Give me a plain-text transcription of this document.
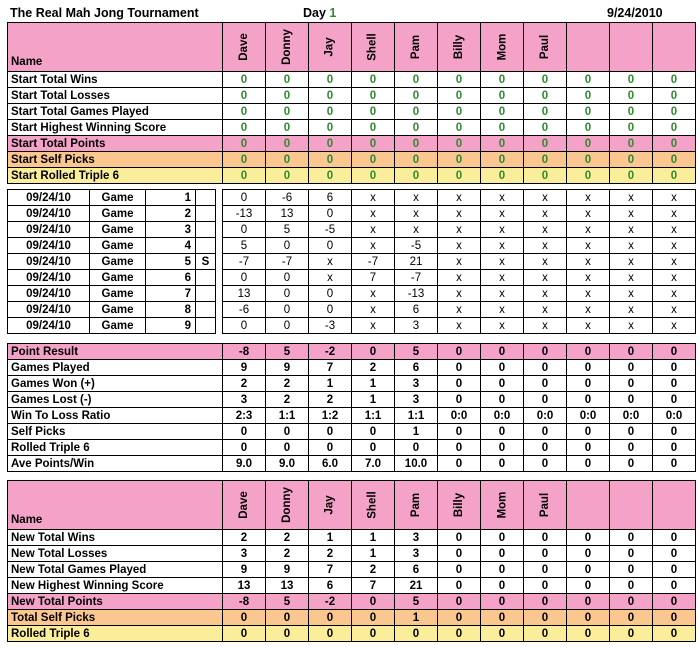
The Real Mah Jong Tournament	Day 1	9/24/2010
Name	Dave	Donny	Jay	Shell	Pam	Billy	Mom	Paul			
Start Total Wins	0	0	0	0	0	0	0	0	0	0	0
Start Total Losses	0	0	0	0	0	0	0	0	0	0	0
Start Total Games Played	0	0	0	0	0	0	0	0	0	0	0
Start Highest Winning Score	0	0	0	0	0	0	0	0	0	0	0
Start Total Points	0	0	0	0	0	0	0	0	0	0	0
Start Self Picks	0	0	0	0	0	0	0	0	0	0	0
Start Rolled Triple 6	0	0	0	0	0	0	0	0	0	0	0
09/24/10	Game	1			0	-6	6	x	x	x	x	x	x	x	x
09/24/10	Game	2			-13	13	0	x	x	x	x	x	x	x	x
09/24/10	Game	3			0	5	-5	x	x	x	x	x	x	x	x
09/24/10	Game	4			5	0	0	x	-5	x	x	x	x	x	x
09/24/10	Game	5	S		-7	-7	x	-7	21	x	x	x	x	x	x
09/24/10	Game	6			0	0	x	7	-7	x	x	x	x	x	x
09/24/10	Game	7			13	0	0	x	-13	x	x	x	x	x	x
09/24/10	Game	8			-6	0	0	x	6	x	x	x	x	x	x
09/24/10	Game	9			0	0	-3	x	3	x	x	x	x	x	x
Point Result	-8	5	-2	0	5	0	0	0	0	0	0
Games Played	9	9	7	2	6	0	0	0	0	0	0
Games Won (+)	2	2	1	1	3	0	0	0	0	0	0
Games Lost (-)	3	2	2	1	3	0	0	0	0	0	0
Win To Loss Ratio	2:3	1:1	1:2	1:1	1:1	0:0	0:0	0:0	0:0	0:0	0:0
Self Picks	0	0	0	0	1	0	0	0	0	0	0
Rolled Triple 6	0	0	0	0	0	0	0	0	0	0	0
Ave Points/Win	9.0	9.0	6.0	7.0	10.0	0	0	0	0	0	0
Name	Dave	Donny	Jay	Shell	Pam	Billy	Mom	Paul			
New Total Wins	2	2	1	1	3	0	0	0	0	0	0
New Total Losses	3	2	2	1	3	0	0	0	0	0	0
New Total Games Played	9	9	7	2	6	0	0	0	0	0	0
New Highest Winning Score	13	13	6	7	21	0	0	0	0	0	0
New Total Points	-8	5	-2	0	5	0	0	0	0	0	0
Total Self Picks	0	0	0	0	1	0	0	0	0	0	0
Rolled Triple 6	0	0	0	0	0	0	0	0	0	0	0
